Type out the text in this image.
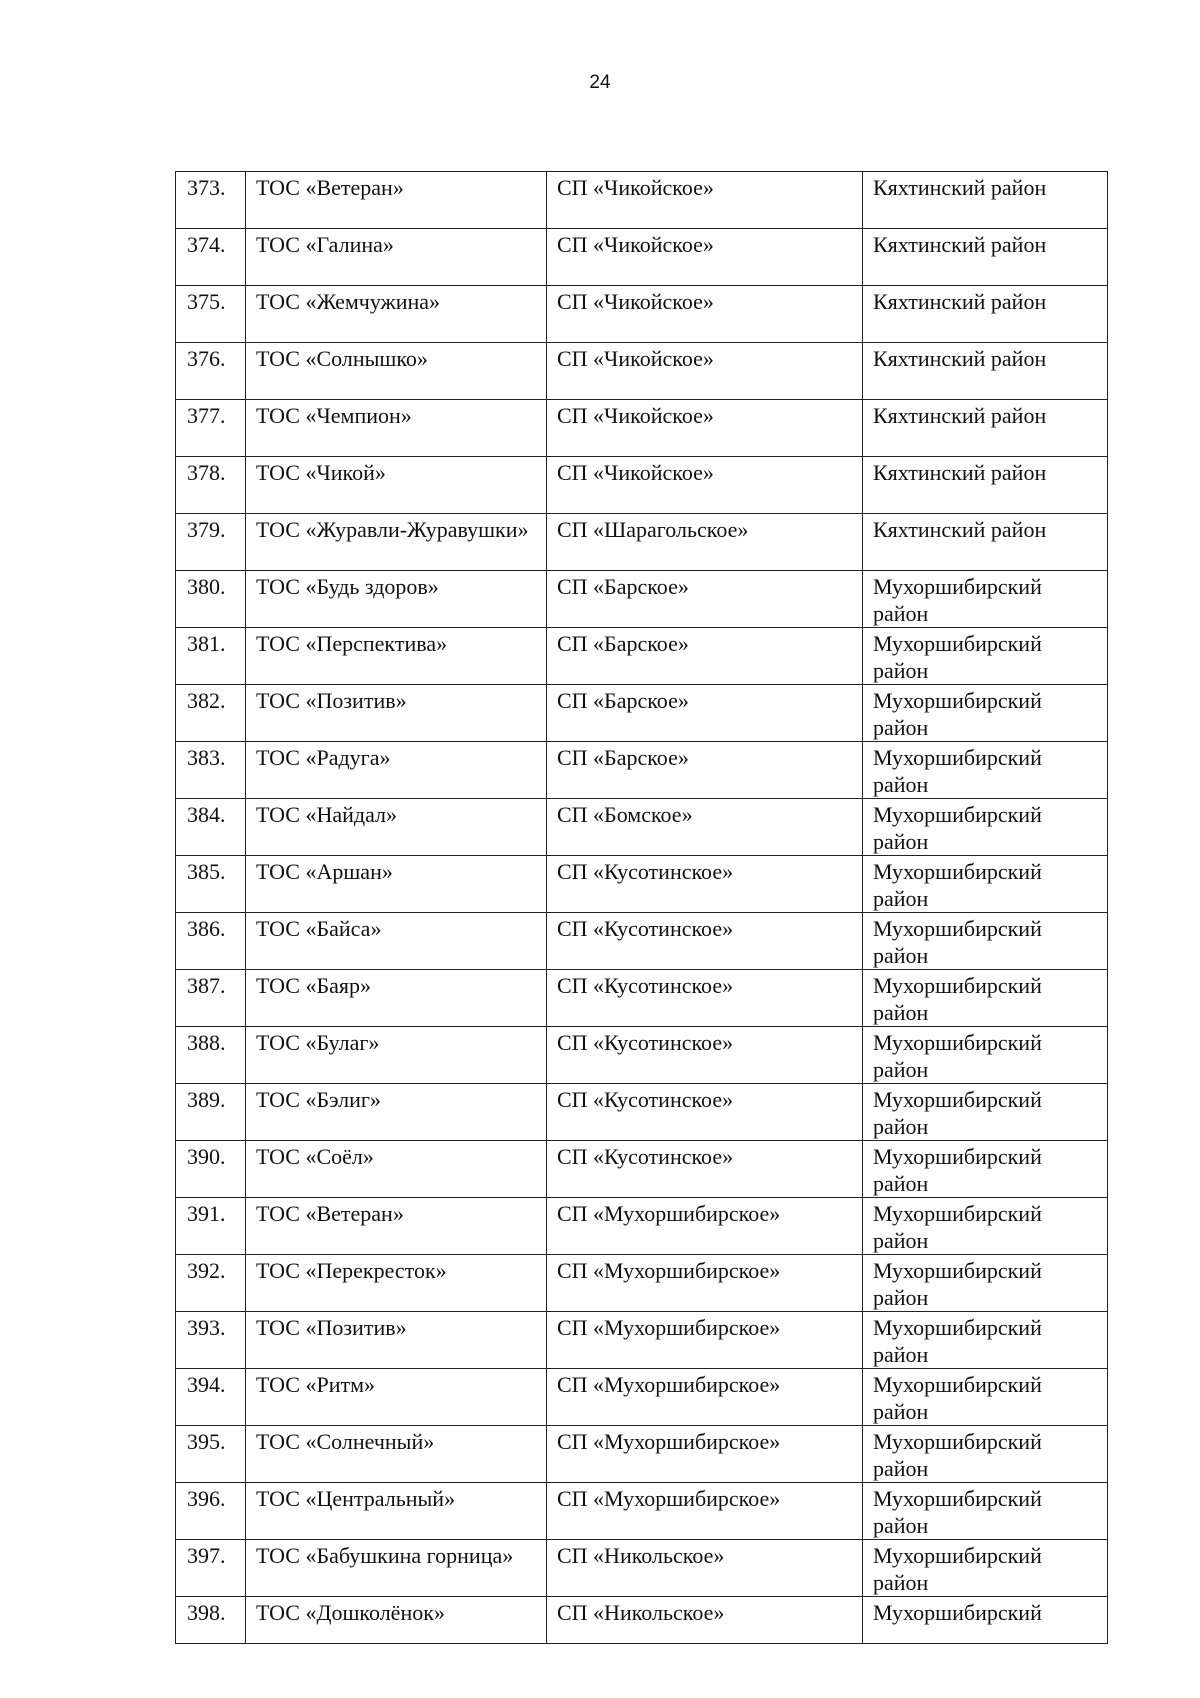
24
373.	ТОС «Ветеран»	СП «Чикойское»	Кяхтинский район
374.	ТОС «Галина»	СП «Чикойское»	Кяхтинский район
375.	ТОС «Жемчужина»	СП «Чикойское»	Кяхтинский район
376.	ТОС «Солнышко»	СП «Чикойское»	Кяхтинский район
377.	ТОС «Чемпион»	СП «Чикойское»	Кяхтинский район
378.	ТОС «Чикой»	СП «Чикойское»	Кяхтинский район
379.	ТОС «Журавли-Журавушки»	СП «Шарагольское»	Кяхтинский район
380.	ТОС «Будь здоров»	СП «Барское»	Мухоршибирский район
381.	ТОС «Перспектива»	СП «Барское»	Мухоршибирский район
382.	ТОС «Позитив»	СП «Барское»	Мухоршибирский район
383.	ТОС «Радуга»	СП «Барское»	Мухоршибирский район
384.	ТОС «Найдал»	СП «Бомское»	Мухоршибирский район
385.	ТОС «Аршан»	СП «Кусотинское»	Мухоршибирский район
386.	ТОС «Байса»	СП «Кусотинское»	Мухоршибирский район
387.	ТОС «Баяр»	СП «Кусотинское»	Мухоршибирский район
388.	ТОС «Булаг»	СП «Кусотинское»	Мухоршибирский район
389.	ТОС «Бэлиг»	СП «Кусотинское»	Мухоршибирский район
390.	ТОС «Соёл»	СП «Кусотинское»	Мухоршибирский район
391.	ТОС «Ветеран»	СП «Мухоршибирское»	Мухоршибирский район
392.	ТОС «Перекресток»	СП «Мухоршибирское»	Мухоршибирский район
393.	ТОС «Позитив»	СП «Мухоршибирское»	Мухоршибирский район
394.	ТОС «Ритм»	СП «Мухоршибирское»	Мухоршибирский район
395.	ТОС «Солнечный»	СП «Мухоршибирское»	Мухоршибирский район
396.	ТОС «Центральный»	СП «Мухоршибирское»	Мухоршибирский район
397.	ТОС «Бабушкина горница»	СП «Никольское»	Мухоршибирский район
398.	ТОС «Дошколёнок»	СП «Никольское»	Мухоршибирский
